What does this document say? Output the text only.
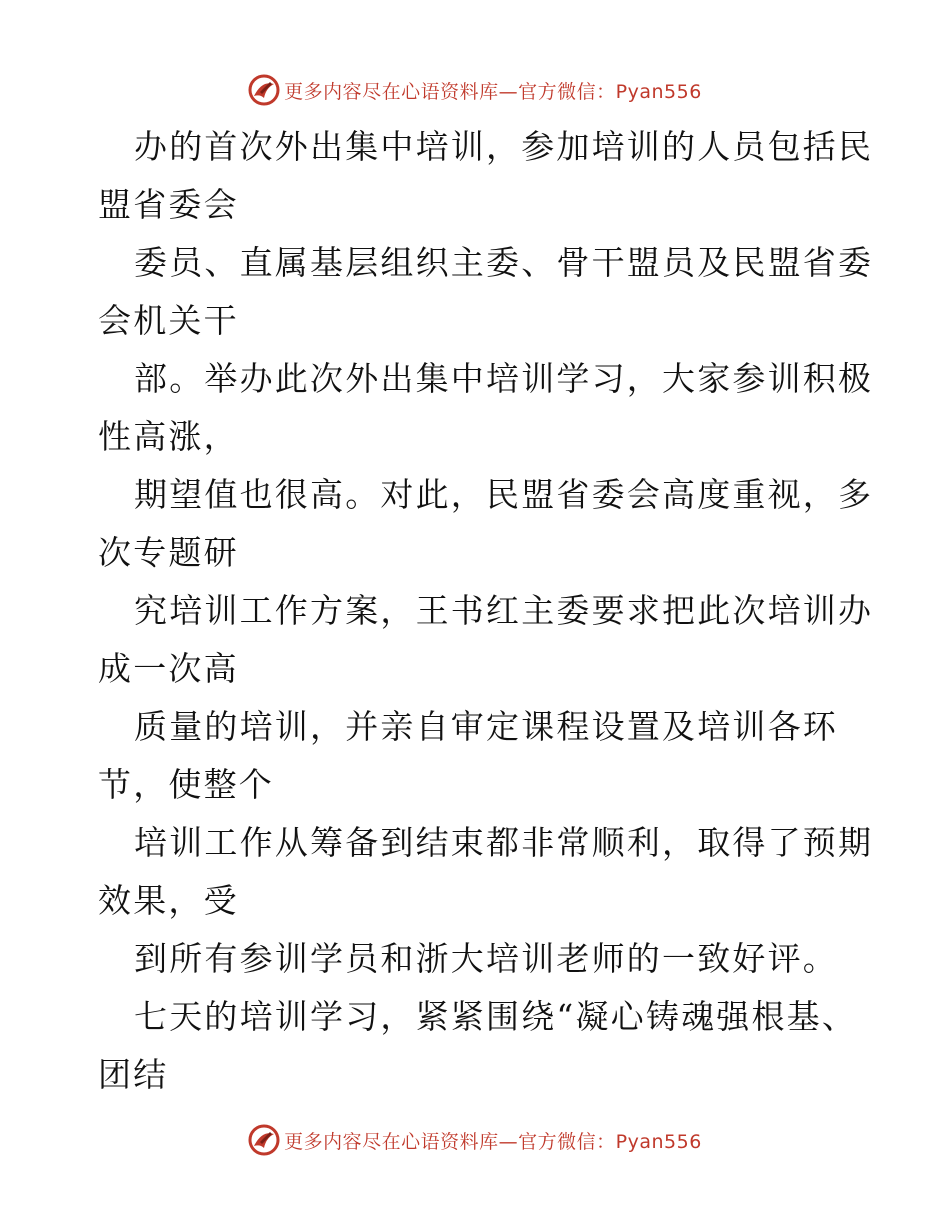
更多内容尽在心语资料库—官方微信：Pyan556
办的首次外出集中培训，参加培训的人员包括民
盟省委会
委员、直属基层组织主委、骨干盟员及民盟省委
会机关干
部。举办此次外出集中培训学习，大家参训积极
性高涨，
期望值也很高。对此，民盟省委会高度重视，多
次专题研
究培训工作方案，王书红主委要求把此次培训办
成一次高
质量的培训，并亲自审定课程设置及培训各环
节，使整个
培训工作从筹备到结束都非常顺利，取得了预期
效果，受
到所有参训学员和浙大培训老师的一致好评。
七天的培训学习，紧紧围绕“凝心铸魂强根基、
团结
更多内容尽在心语资料库—官方微信：Pyan556
